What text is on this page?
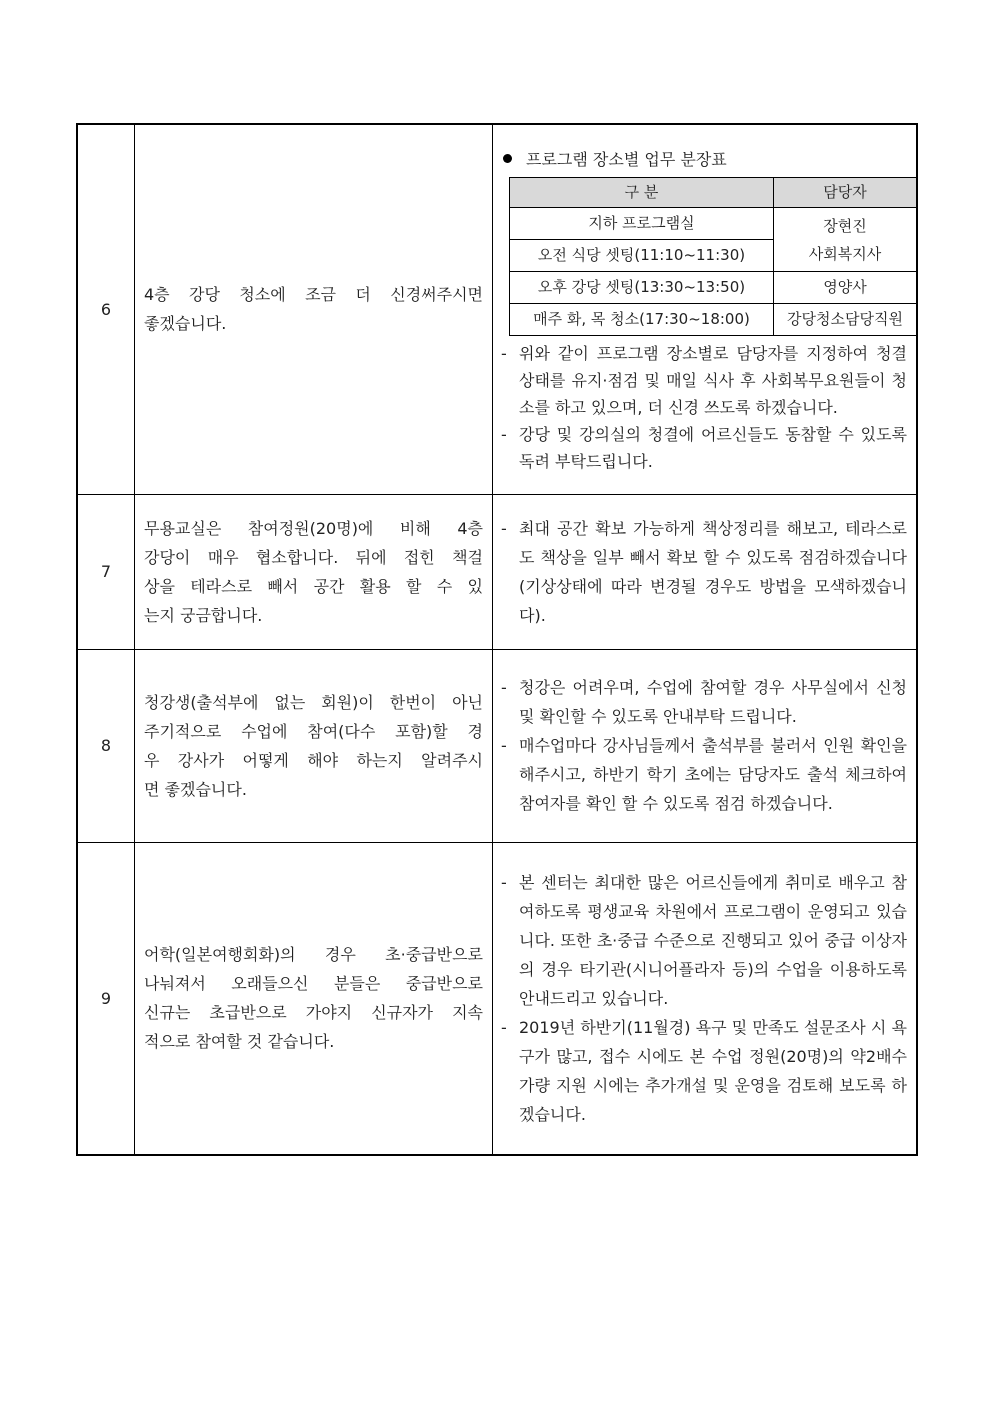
6	
4층 강당 청소에 조금 더 신경써주시면
좋겠습니다.

프로그램 장소별 업무 분장표
구 분	담당자
지하 프로그램실	장현진
사회복지사
오전 식당 셋팅(11:10~11:30)
오후 강당 셋팅(13:30~13:50)	영양사
매주 화, 목 청소(17:30~18:00)	강당청소담당직원
- 위와 같이 프로그램 장소별로 담당자를 지정하여 청결 상태를 유지·점검 및 매일 식사 후 사회복무요원들이 청소를 하고 있으며, 더 신경 쓰도록 하겠습니다.
- 강당 및 강의실의 청결에 어르신들도 동참할 수 있도록 독려 부탁드립니다.

7	
무용교실은 참여정원(20명)에 비해 4층
강당이 매우 협소합니다. 뒤에 접힌 책걸
상을 테라스로 빼서 공간 활용 할 수 있
는지 궁금합니다.

- 최대 공간 확보 가능하게 책상정리를 해보고, 테라스로도 책상을 일부 빼서 확보 할 수 있도록 점검하겠습니다(기상상태에 따라 변경될 경우도 방법을 모색하겠습니다).

8	
청강생(출석부에 없는 회원)이 한번이 아닌
주기적으로 수업에 참여(다수 포함)할 경
우 강사가 어떻게 해야 하는지 알려주시
면 좋겠습니다.

- 청강은 어려우며, 수업에 참여할 경우 사무실에서 신청 및 확인할 수 있도록 안내부탁 드립니다.
- 매수업마다 강사님들께서 출석부를 불러서 인원 확인을 해주시고, 하반기 학기 초에는 담당자도 출석 체크하여 참여자를 확인 할 수 있도록 점검 하겠습니다.

9	
어학(일본여행회화)의 경우 초·중급반으로
나눠져서 오래들으신 분들은 중급반으로
신규는 초급반으로 가야지 신규자가 지속
적으로 참여할 것 같습니다.

- 본 센터는 최대한 많은 어르신들에게 취미로 배우고 참여하도록 평생교육 차원에서 프로그램이 운영되고 있습니다. 또한 초·중급 수준으로 진행되고 있어 중급 이상자의 경우 타기관(시니어플라자 등)의 수업을 이용하도록 안내드리고 있습니다.
- 2019년 하반기(11월경) 욕구 및 만족도 설문조사 시 욕구가 많고, 접수 시에도 본 수업 정원(20명)의 약2배수 가량 지원 시에는 추가개설 및 운영을 검토해 보도록 하겠습니다.
